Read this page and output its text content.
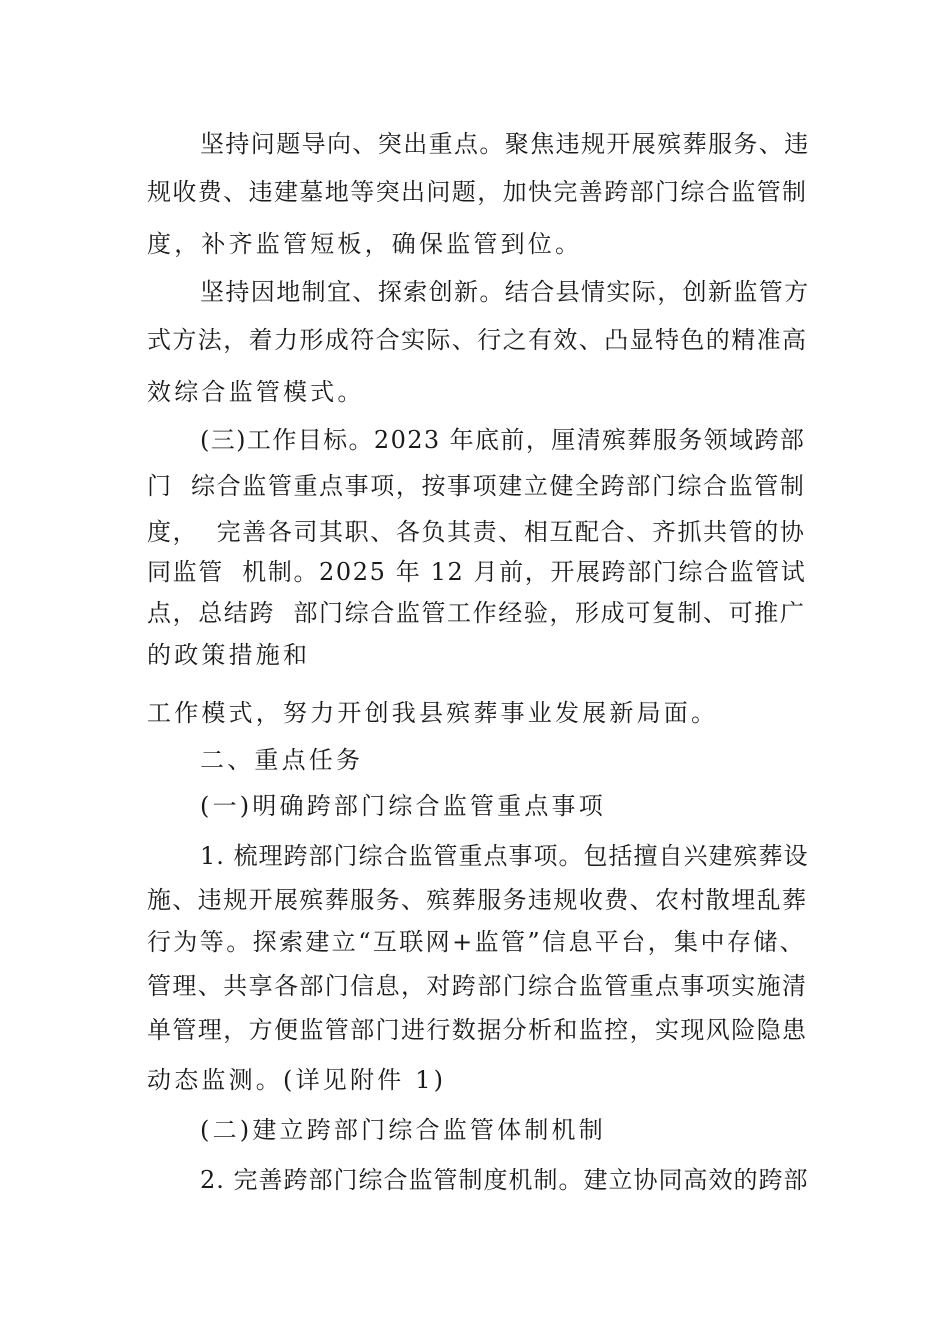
坚持问题导向、突出重点。聚焦违规开展殡葬服务、违
规收费、违建墓地等突出问题，加快完善跨部门综合监管制
度，补齐监管短板，确保监管到位。
坚持因地制宜、探索创新。结合县情实际，创新监管方
式方法，着力形成符合实际、行之有效、凸显特色的精准高
效综合监管模式。
(三)工作目标。2023 年底前，厘清殡葬服务领域跨部
门  综合监管重点事项，按事项建立健全跨部门综合监管制
度，  完善各司其职、各负其责、相互配合、齐抓共管的协
同监管  机制。2025 年 12 月前，开展跨部门综合监管试
点，总结跨  部门综合监管工作经验，形成可复制、可推广
的政策措施和
工作模式，努力开创我县殡葬事业发展新局面。
二、重点任务
(一)明确跨部门综合监管重点事项
1. 梳理跨部门综合监管重点事项。包括擅自兴建殡葬设
施、违规开展殡葬服务、殡葬服务违规收费、农村散埋乱葬
行为等。探索建立“互联网+监管”信息平台，集中存储、
管理、共享各部门信息，对跨部门综合监管重点事项实施清
单管理，方便监管部门进行数据分析和监控，实现风险隐患
动态监测。(详见附件 1)
(二)建立跨部门综合监管体制机制
2. 完善跨部门综合监管制度机制。建立协同高效的跨部
